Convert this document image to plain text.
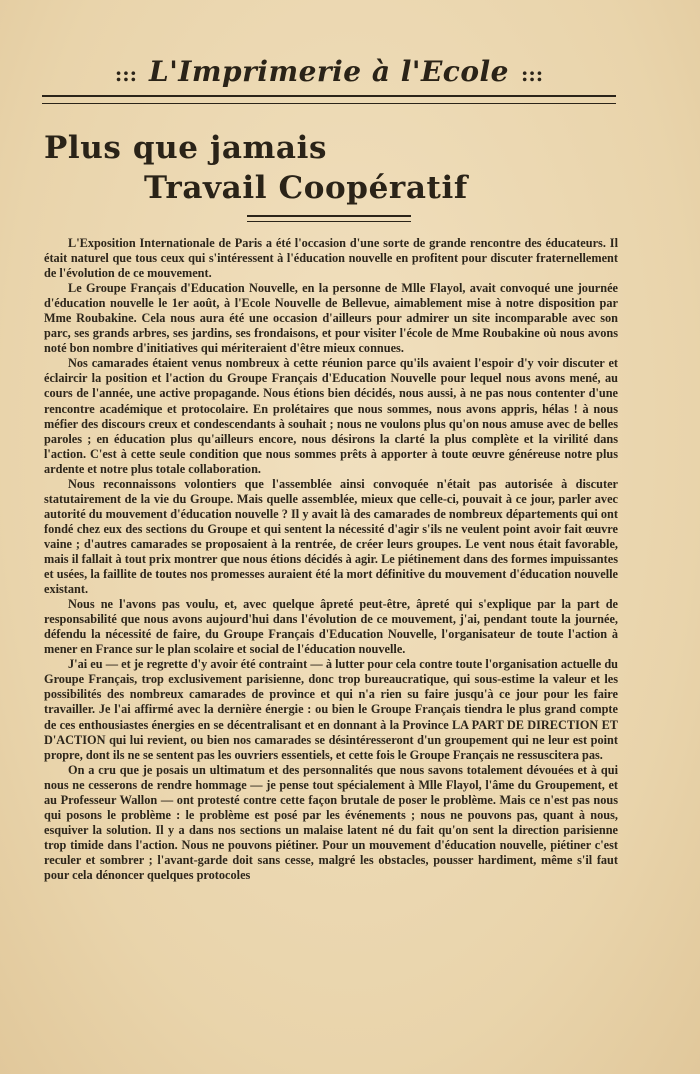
::: L'Imprimerie à l'Ecole :::
Plus que jamais
Travail Coopératif

L'Exposition Internationale de Paris a été l'occasion d'une sorte de grande rencontre des éducateurs. Il était naturel que tous ceux qui s'intéressent à l'éducation nouvelle en profitent pour discuter fraternellement de l'évolution de ce mouvement.

Le Groupe Français d'Education Nouvelle, en la personne de Mlle Flayol, avait convoqué une journée d'éducation nouvelle le 1er août, à l'Ecole Nouvelle de Bellevue, aimablement mise à notre disposition par Mme Roubakine. Cela nous aura été une occasion d'ailleurs pour admirer un site incomparable avec son parc, ses grands arbres, ses jardins, ses frondaisons, et pour visiter l'école de Mme Roubakine où nous avons noté bon nombre d'initiatives qui mériteraient d'être mieux connues.

Nos camarades étaient venus nombreux à cette réunion parce qu'ils avaient l'espoir d'y voir discuter et éclaircir la position et l'action du Groupe Français d'Education Nouvelle pour lequel nous avons mené, au cours de l'année, une active propagande. Nous étions bien décidés, nous aussi, à ne pas nous contenter d'une rencontre académique et protocolaire. En prolétaires que nous sommes, nous avons appris, hélas ! à nous méfier des discours creux et condescendants à souhait ; nous ne voulons plus qu'on nous amuse avec de belles paroles ; en éducation plus qu'ailleurs encore, nous désirons la clarté la plus complète et la virilité dans l'action. C'est à cette seule condition que nous sommes prêts à apporter à toute œuvre généreuse notre plus ardente et notre plus totale collaboration.

Nous reconnaissons volontiers que l'assemblée ainsi convoquée n'était pas autorisée à discuter statutairement de la vie du Groupe. Mais quelle assemblée, mieux que celle-ci, pouvait à ce jour, parler avec autorité du mouvement d'éducation nouvelle ? Il y avait là des camarades de nombreux départements qui ont fondé chez eux des sections du Groupe et qui sentent la nécessité d'agir s'ils ne veulent point avoir fait œuvre vaine ; d'autres camarades se proposaient à la rentrée, de créer leurs groupes. Le vent nous était favorable, mais il fallait à tout prix montrer que nous étions décidés à agir. Le piétinement dans des formes impuissantes et usées, la faillite de toutes nos promesses auraient été la mort définitive du mouvement d'éducation nouvelle existant.

Nous ne l'avons pas voulu, et, avec quelque âpreté peut-être, âpreté qui s'explique par la part de responsabilité que nous avons aujourd'hui dans l'évolution de ce mouvement, j'ai, pendant toute la journée, défendu la nécessité de faire, du Groupe Français d'Education Nouvelle, l'organisateur de toute l'action à mener en France sur le plan scolaire et social de l'éducation nouvelle.

J'ai eu — et je regrette d'y avoir été contraint — à lutter pour cela contre toute l'organisation actuelle du Groupe Français, trop exclusivement parisienne, donc trop bureaucratique, qui sous-estime la valeur et les possibilités des nombreux camarades de province et qui n'a rien su faire jusqu'à ce jour pour les faire travailler. Je l'ai affirmé avec la dernière énergie : ou bien le Groupe Français tiendra le plus grand compte de ces enthousiastes énergies en se décentralisant et en donnant à la Province LA PART DE DIRECTION ET D'ACTION qui lui revient, ou bien nos camarades se désintéresseront d'un groupement qui ne leur est point propre, dont ils ne se sentent pas les ouvriers essentiels, et cette fois le Groupe Français ne ressuscitera pas.

On a cru que je posais un ultimatum et des personnalités que nous savons totalement dévouées et à qui nous ne cesserons de rendre hommage — je pense tout spécialement à Mlle Flayol, l'âme du Groupement, et au Professeur Wallon — ont protesté contre cette façon brutale de poser le problème. Mais ce n'est pas nous qui posons le problème : le problème est posé par les événements ; nous ne pouvons pas, quant à nous, esquiver la solution. Il y a dans nos sections un malaise latent né du fait qu'on sent la direction parisienne trop timide dans l'action. Nous ne pouvons piétiner. Pour un mouvement d'éducation nouvelle, piétiner c'est reculer et sombrer ; l'avant-garde doit sans cesse, malgré les obstacles, pousser hardiment, même s'il faut pour cela dénoncer quelques protocoles
